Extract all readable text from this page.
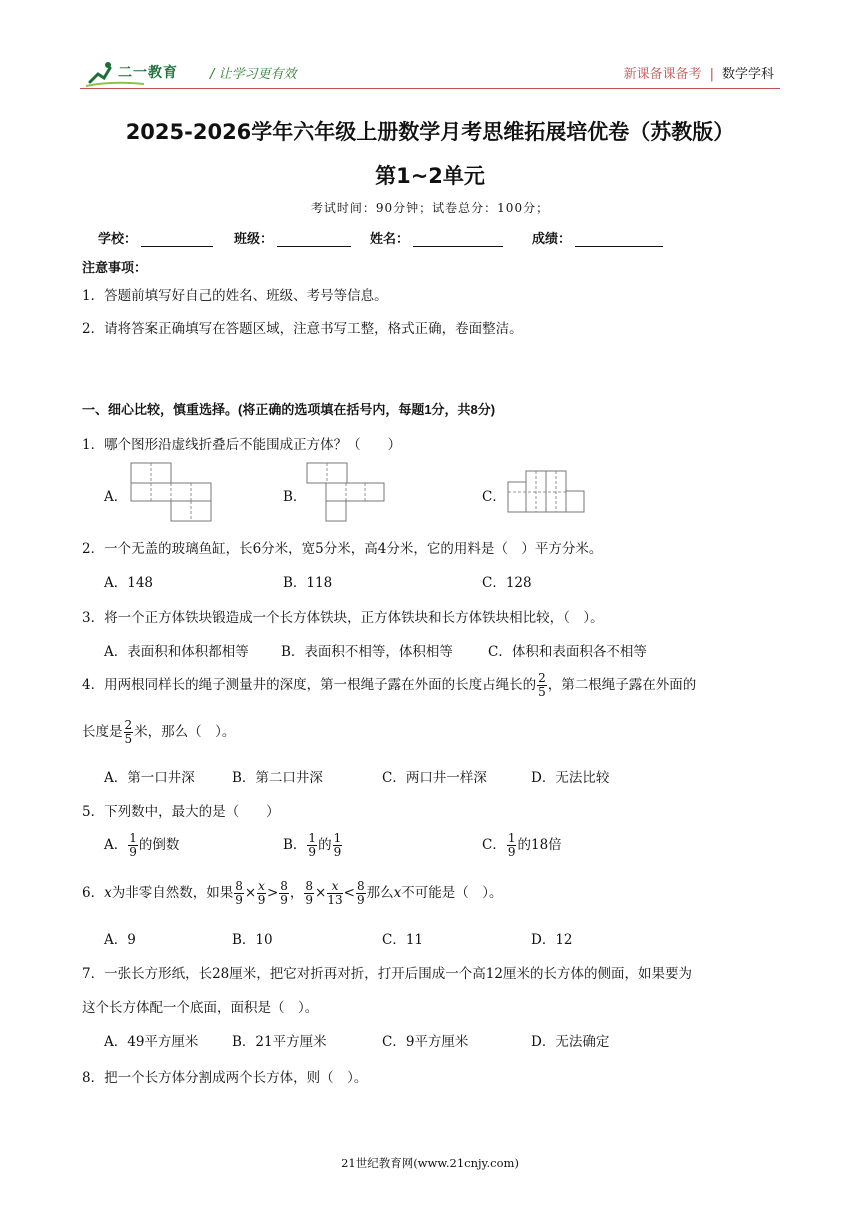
二一教育 / 让学习更有效	新课备课备考 | 数学学科
2025-2026学年六年级上册数学月考思维拓展培优卷（苏教版）
第1~2单元
考试时间：90分钟；试卷总分：100分；
学校：	班级：	姓名：	成绩：
注意事项：
1．答题前填写好自己的姓名、班级、考号等信息。
2．请将答案正确填写在答题区域，注意书写工整，格式正确，卷面整洁。
一、细心比较，慎重选择。(将正确的选项填在括号内，每题1分，共8分)
1．哪个图形沿虚线折叠后不能围成正方体？（　　）
A．	B．	C．
2．一个无盖的玻璃鱼缸，长6分米，宽5分米，高4分米，它的用料是（　）平方分米。
A．148	B．118	C．128
3．将一个正方体铁块锻造成一个长方体铁块，正方体铁块和长方体铁块相比较，（　）。
A．表面积和体积都相等 B．表面积不相等，体积相等	C．体积和表面积各不相等
4．用两根同样长的绳子测量井的深度，第一根绳子露在外面的长度占绳长的 $\frac{2}{5}$ ，第二根绳子露在外面的
长度是 $\frac{2}{5}$ 米，那么（　）。
A．第一口井深	B．第二口井深	C．两口井一样深	D．无法比较
5．下列数中，最大的是（　　）
A． $\frac{1}{9}$ 的倒数	B． $\frac{1}{9}$ 的 $\frac{1}{9}$	C． $\frac{1}{9}$ 的18倍
6．x为非零自然数，如果 $\frac{8}{9} \times \frac{x}{9} > \frac{8}{9}$ ， $\frac{8}{9} \times \frac{x}{13} < \frac{8}{9}$ 那么x不可能是（　）。
A．9	B．10	C．11	D．12
7．一张长方形纸，长28厘米，把它对折再对折，打开后围成一个高12厘米的长方体的侧面，如果要为
这个长方体配一个底面，面积是（　）。
A．49平方厘米 B．21平方厘米	C．9平方厘米	D．无法确定
8．把一个长方体分割成两个长方体，则（　）。
21世纪教育网(www.21cnjy.com)
